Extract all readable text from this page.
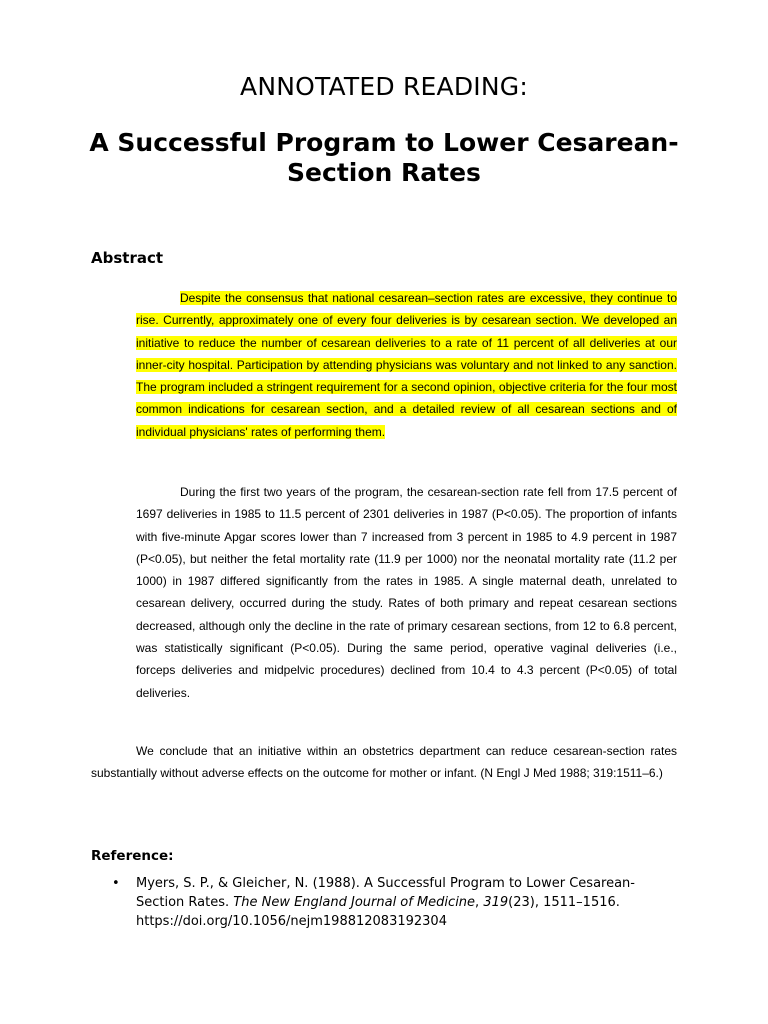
ANNOTATED READING:
A Successful Program to Lower Cesarean-Section Rates
Abstract

Despite the consensus that national cesarean–section rates are excessive, they continue to rise. Currently, approximately one of every four deliveries is by cesarean section. We developed an initiative to reduce the number of cesarean deliveries to a rate of 11 percent of all deliveries at our inner-city hospital. Participation by attending physicians was voluntary and not linked to any sanction. The program included a stringent requirement for a second opinion, objective criteria for the four most common indications for cesarean section, and a detailed review of all cesarean sections and of individual physicians' rates of performing them.

During the first two years of the program, the cesarean-section rate fell from 17.5 percent of 1697 deliveries in 1985 to 11.5 percent of 2301 deliveries in 1987 (P<0.05). The proportion of infants with five-minute Apgar scores lower than 7 increased from 3 percent in 1985 to 4.9 percent in 1987 (P<0.05), but neither the fetal mortality rate (11.9 per 1000) nor the neonatal mortality rate (11.2 per 1000) in 1987 differed significantly from the rates in 1985. A single maternal death, unrelated to cesarean delivery, occurred during the study. Rates of both primary and repeat cesarean sections decreased, although only the decline in the rate of primary cesarean sections, from 12 to 6.8 percent, was statistically significant (P<0.05). During the same period, operative vaginal deliveries (i.e., forceps deliveries and midpelvic procedures) declined from 10.4 to 4.3 percent (P<0.05) of total deliveries.

We conclude that an initiative within an obstetrics department can reduce cesarean-section rates substantially without adverse effects on the outcome for mother or infant. (N Engl J Med 1988; 319:1511–6.)

Reference:
• Myers, S. P., & Gleicher, N. (1988). A Successful Program to Lower Cesarean-Section Rates. The New England Journal of Medicine, 319(23), 1511–1516. https://doi.org/10.1056/nejm198812083192304
